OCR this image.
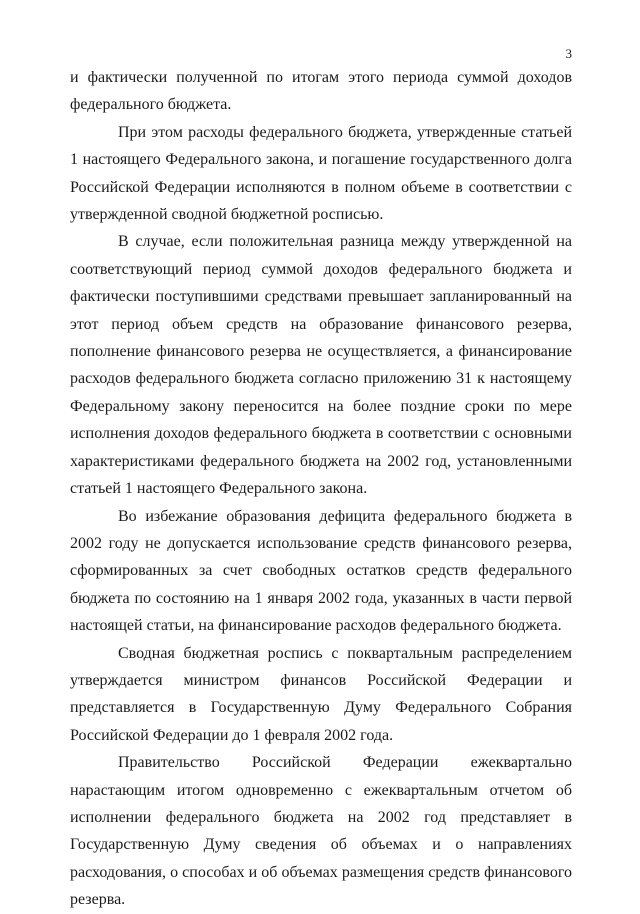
3

и фактически полученной по итогам этого периода суммой доходов федерального бюджета.

При этом расходы федерального бюджета, утвержденные статьей 1 настоящего Федерального закона, и погашение государственного долга Российской Федерации исполняются в полном объеме в соответствии с утвержденной сводной бюджетной росписью.

В случае, если положительная разница между утвержденной на соответствующий период суммой доходов федерального бюджета и фактически поступившими средствами превышает запланированный на этот период объем средств на образование финансового резерва, пополнение финансового резерва не осуществляется, а финансирование расходов федерального бюджета согласно приложению 31 к настоящему Федеральному закону переносится на более поздние сроки по мере исполнения доходов федерального бюджета в соответствии с основными характеристиками федерального бюджета на 2002 год, установленными статьей 1 настоящего Федерального закона.

Во избежание образования дефицита федерального бюджета в 2002 году не допускается использование средств финансового резерва, сформированных за счет свободных остатков средств федерального бюджета по состоянию на 1 января 2002 года, указанных в части первой настоящей статьи, на финансирование расходов федерального бюджета.

Сводная бюджетная роспись с поквартальным распределением утверждается министром финансов Российской Федерации и представляется в Государственную Думу Федерального Собрания Российской Федерации до 1 февраля 2002 года.

Правительство Российской Федерации ежеквартально нарастающим итогом одновременно с ежеквартальным отчетом об исполнении федерального бюджета на 2002 год представляет в Государственную Думу сведения об объемах и о направлениях расходования, о способах и об объемах размещения средств финансового резерва.
